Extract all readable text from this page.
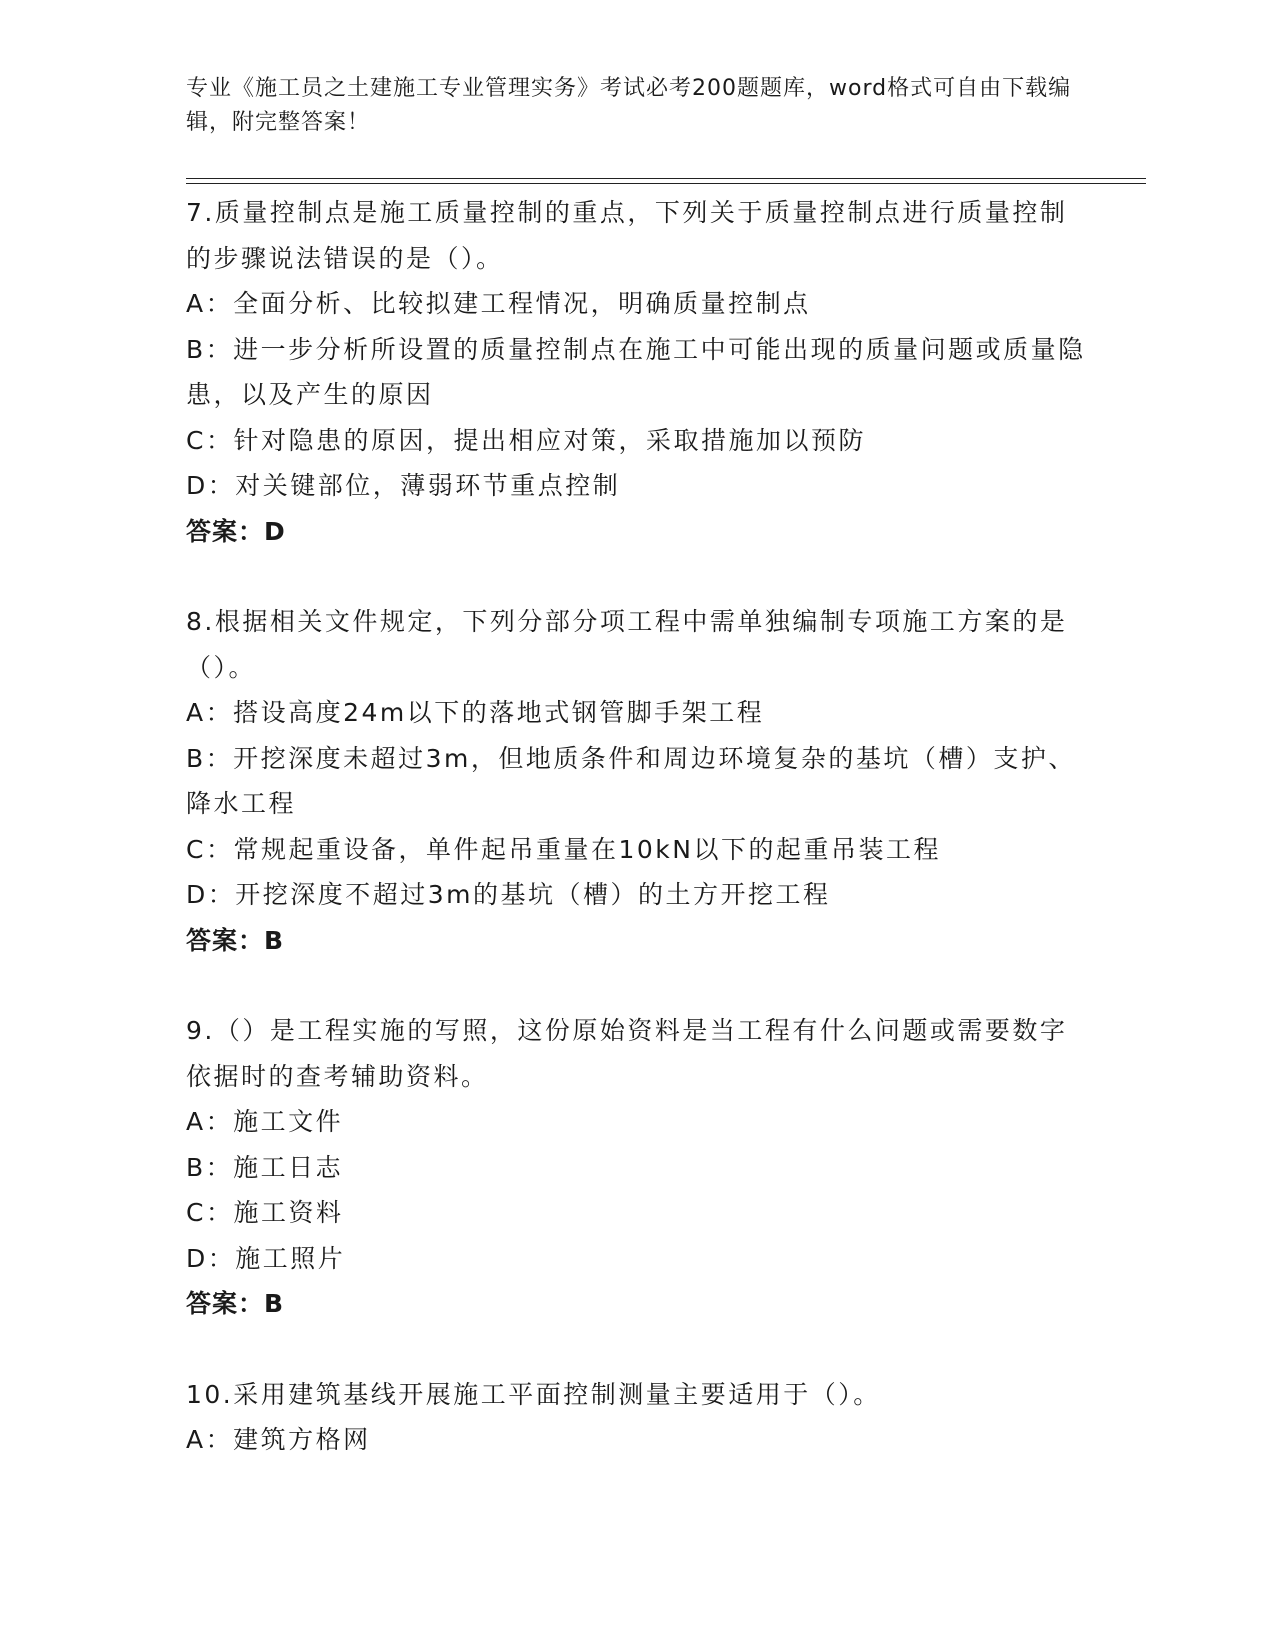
专业《施工员之土建施工专业管理实务》考试必考200题题库，word格式可自由下载编辑，附完整答案！
7.质量控制点是施工质量控制的重点，下列关于质量控制点进行质量控制的步骤说法错误的是（）。
A：全面分析、比较拟建工程情况，明确质量控制点
B：进一步分析所设置的质量控制点在施工中可能出现的质量问题或质量隐患，以及产生的原因
C：针对隐患的原因，提出相应对策，采取措施加以预防
D：对关键部位，薄弱环节重点控制
答案：D
8.根据相关文件规定，下列分部分项工程中需单独编制专项施工方案的是（）。
A：搭设高度24m以下的落地式钢管脚手架工程
B：开挖深度未超过3m，但地质条件和周边环境复杂的基坑（槽）支护、降水工程
C：常规起重设备，单件起吊重量在10kN以下的起重吊装工程
D：开挖深度不超过3m的基坑（槽）的土方开挖工程
答案：B
9.（）是工程实施的写照，这份原始资料是当工程有什么问题或需要数字依据时的查考辅助资料。
A：施工文件
B：施工日志
C：施工资料
D：施工照片
答案：B
10.采用建筑基线开展施工平面控制测量主要适用于（）。
A：建筑方格网
